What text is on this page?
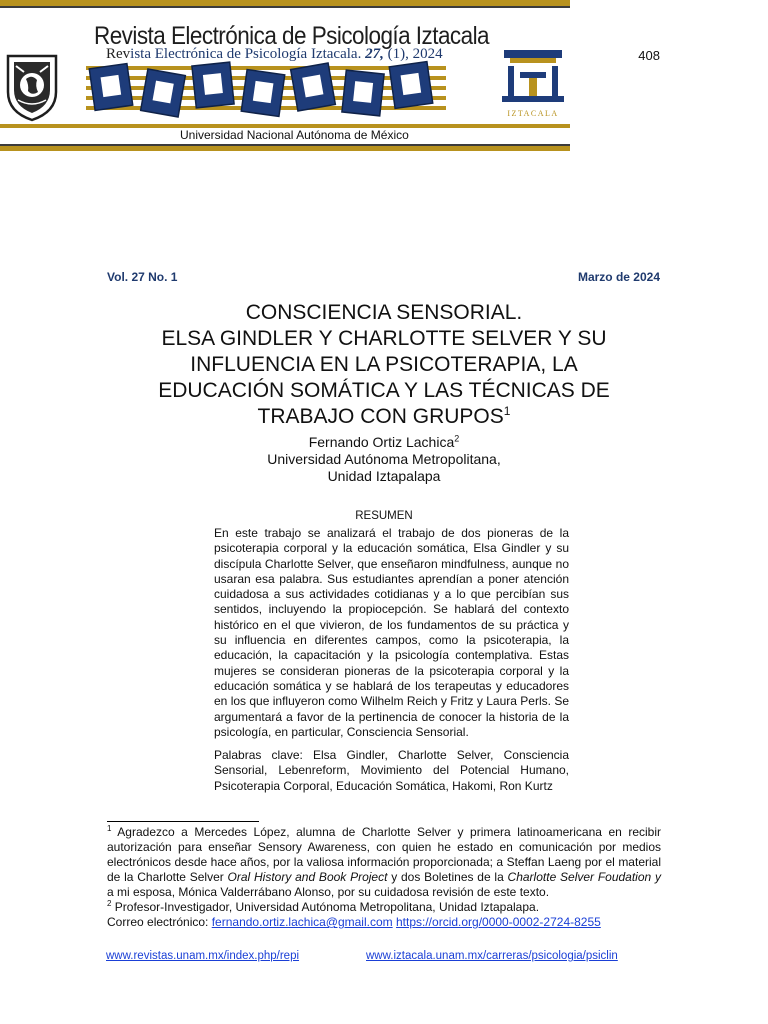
Revista Electrónica de Psicología Iztacala. 27, (1), 2024	408
Revista Electrónica de Psicología Iztacala
IZTACALA
Universidad Nacional Autónoma de México
Vol. 27 No. 1	Marzo de 2024
CONSCIENCIA SENSORIAL.
ELSA GINDLER Y CHARLOTTE SELVER Y SU
INFLUENCIA EN LA PSICOTERAPIA, LA
EDUCACIÓN SOMÁTICA Y LAS TÉCNICAS DE
TRABAJO CON GRUPOS$^1$
Fernando Ortiz Lachica$^2$
Universidad Autónoma Metropolitana,
Unidad Iztapalapa
RESUMEN
En este trabajo se analizará el trabajo de dos pioneras de la psicoterapia corporal y la educación somática, Elsa Gindler y su discípula Charlotte Selver, que enseñaron mindfulness, aunque no usaran esa palabra. Sus estudiantes aprendían a poner atención cuidadosa a sus actividades cotidianas y a lo que percibían sus sentidos, incluyendo la propiocepción. Se hablará del contexto histórico en el que vivieron, de los fundamentos de su práctica y su influencia en diferentes campos, como la psicoterapia, la educación, la capacitación y la psicología contemplativa. Estas mujeres se consideran pioneras de la psicoterapia corporal y la educación somática y se hablará de los terapeutas y educadores en los que influyeron como Wilhelm Reich y Fritz y Laura Perls. Se argumentará a favor de la pertinencia de conocer la historia de la psicología, en particular, Consciencia Sensorial.
Palabras clave: Elsa Gindler, Charlotte Selver, Consciencia Sensorial, Lebenreform, Movimiento del Potencial Humano, Psicoterapia Corporal, Educación Somática, Hakomi, Ron Kurtz
$^1$ Agradezco a Mercedes López, alumna de Charlotte Selver y primera latinoamericana en recibir autorización para enseñar Sensory Awareness, con quien he estado en comunicación por medios electrónicos desde hace años, por la valiosa información proporcionada; a Steffan Laeng por el material de la Charlotte Selver Oral History and Book Project y dos Boletines de la Charlotte Selver Foudation y a mi esposa, Mónica Valderrábano Alonso, por su cuidadosa revisión de este texto.
$^2$ Profesor-Investigador, Universidad Autónoma Metropolitana, Unidad Iztapalapa.
Correo electrónico: fernando.ortiz.lachica@gmail.com https://orcid.org/0000-0002-2724-8255
www.revistas.unam.mx/index.php/repi	www.iztacala.unam.mx/carreras/psicologia/psiclin
